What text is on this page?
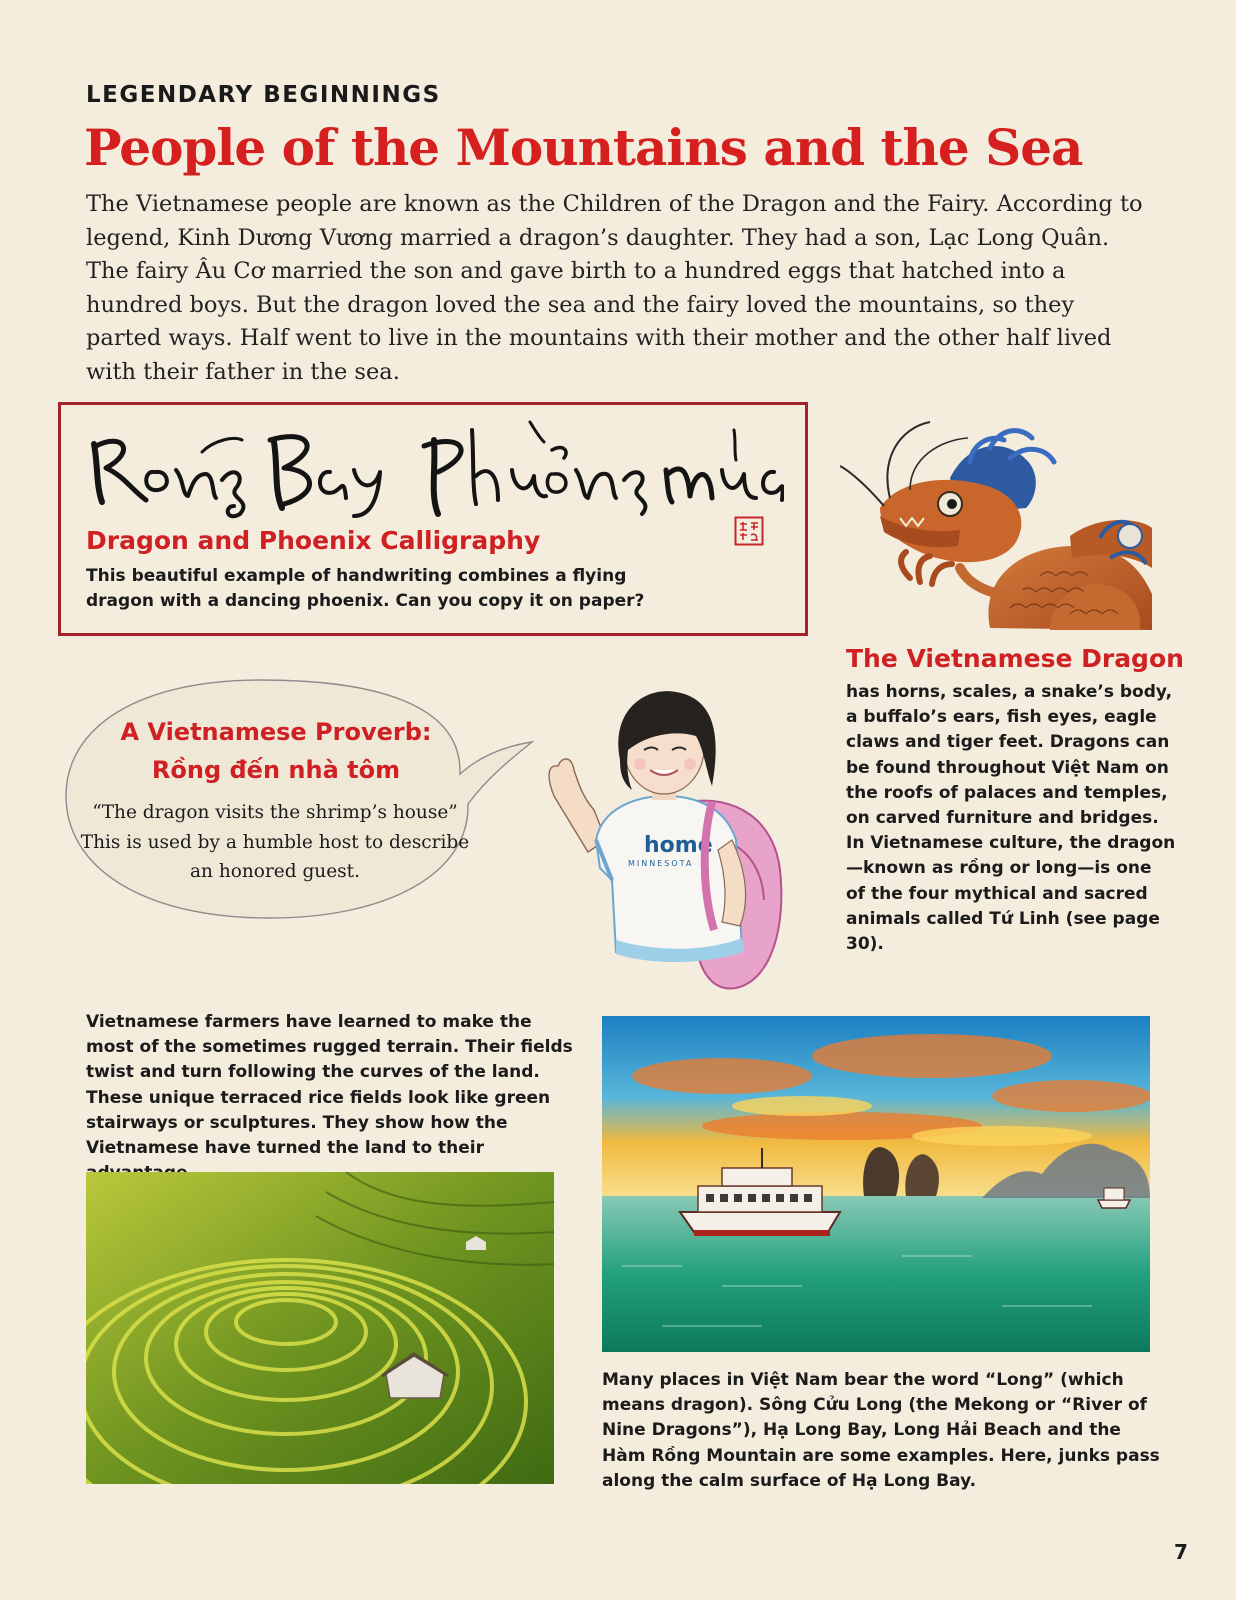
LEGENDARY BEGINNINGS
People of the Mountains and the Sea
The Vietnamese people are known as the Children of the Dragon and the Fairy. According to legend, Kinh Dương Vương married a dragon’s daughter. They had a son, Lạc Long Quân. The fairy Âu Cơ married the son and gave birth to a hundred eggs that hatched into a hundred boys. But the dragon loved the sea and the fairy loved the mountains, so they parted ways. Half went to live in the mountains with their mother and the other half lived with their father in the sea.
Dragon and Phoenix Calligraphy
This beautiful example of handwriting combines a flying dragon with a dancing phoenix. Can you copy it on paper?
The Vietnamese Dragon
has horns, scales, a snake’s body, a buffalo’s ears, fish eyes, eagle claws and tiger feet. Dragons can be found throughout Việt Nam on the roofs of palaces and temples, on carved furniture and bridges. In Vietnamese culture, the dragon—known as rồng or long—is one of the four mythical and sacred animals called Tứ Linh (see page 30).
A Vietnamese Proverb:
Rồng đến nhà tôm
“The dragon visits the shrimp’s house”
This is used by a humble host to describe an honored guest.
home
MINNESOTA
Vietnamese farmers have learned to make the most of the sometimes rugged terrain. Their fields twist and turn following the curves of the land. These unique terraced rice fields look like green stairways or sculptures. They show how the Vietnamese have turned the land to their
Many places in Việt Nam bear the word “Long” (which means dragon). Sông Cửu Long (the Mekong or “River of Nine Dragons”), Hạ Long Bay, Long Hải Beach and the Hàm Rồng Mountain are some examples. Here, junks pass along the calm surface of Hạ Long Bay.
7
